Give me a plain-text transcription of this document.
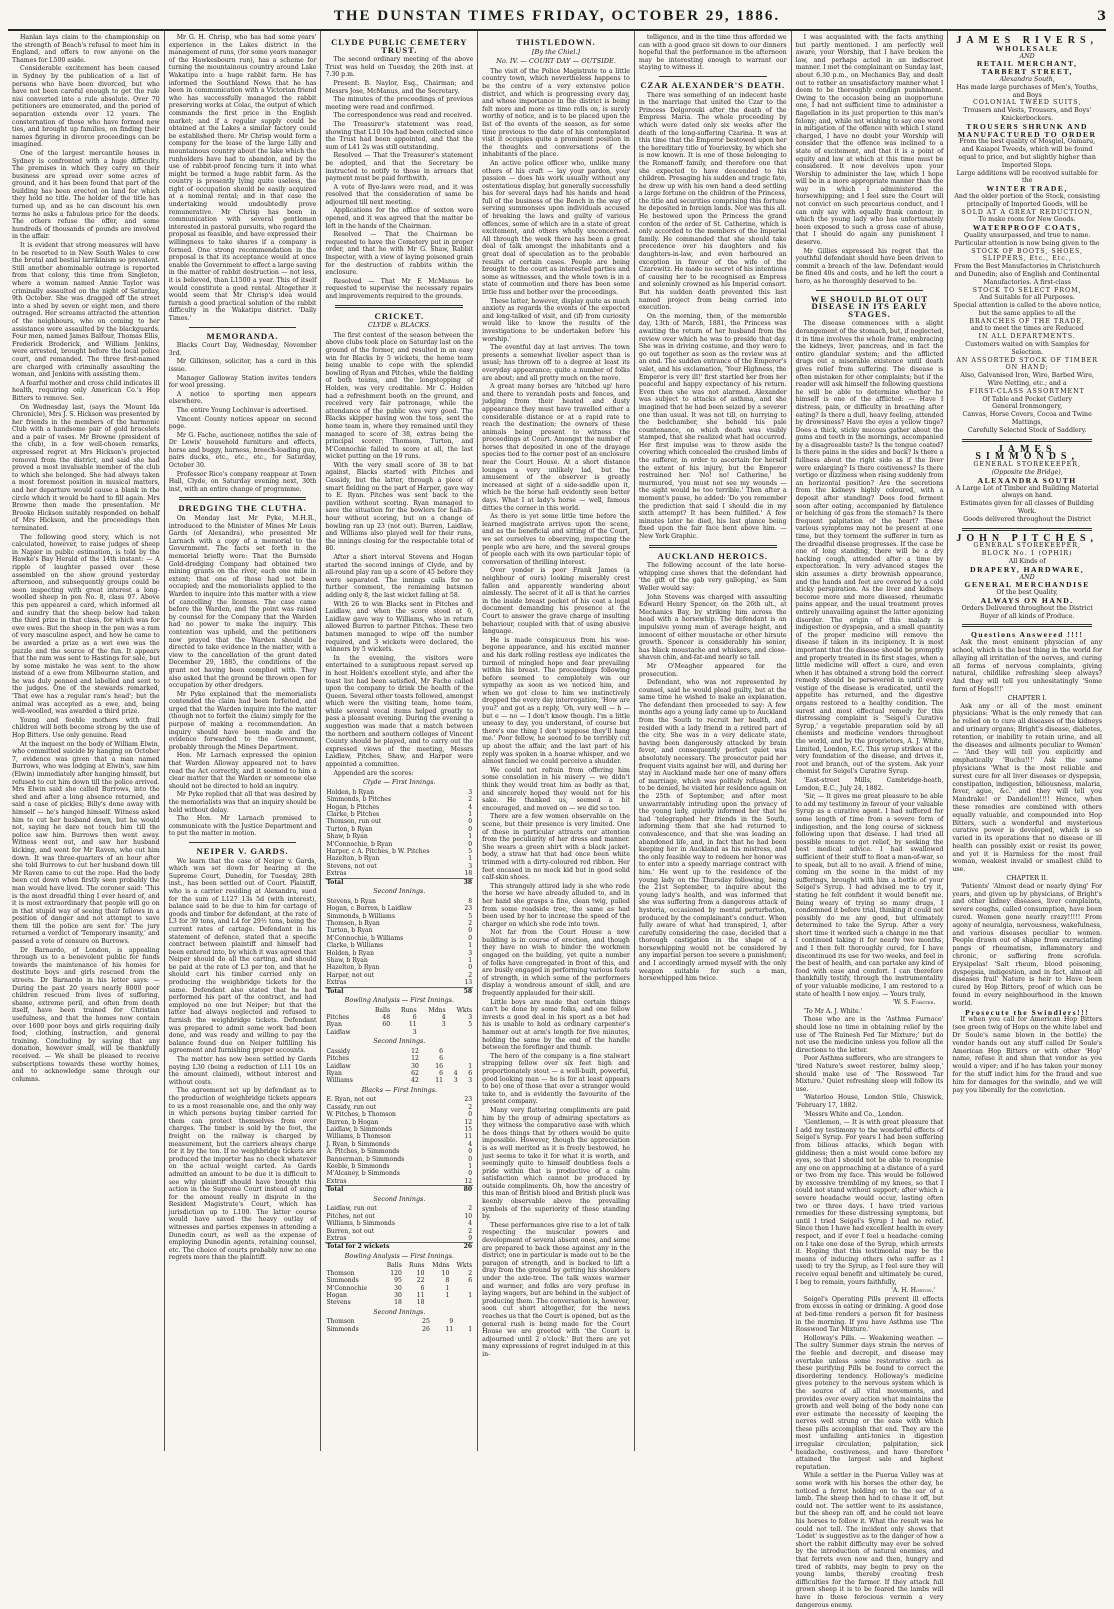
THE DUNSTAN TIMES FRIDAY, OCTOBER 29, 1886.	3

Hanlan lays claim to the championship on the strength of Beach's refusal to meet him in England, and offers to row anyone on the Thames for L500 aside.

Considerable excitement has been caused in Sydney by the publication of a list of persons who have been divorced, but who have not been careful enough to get the rule nisi converted into a rule absolute. Over 70 petitioners are enumerated, and the period of separation extends over 12 years. The consternation of those who have formed new ties, and brought up families, on finding their names figuring in divorce proceedings can be imagined.

One of the largest mercantile houses in Sydney is confronted with a huge difficulty. The premises in which they carry on their business are spread over some acres of ground, and it has been found that part of the building has been erected on land for which they hold no title. The holder of the title has turned up, and as he can discount his own terms he asks a fabulous price for the deeds. The others refuse the offer, and some hundreds of thousands of pounds are involved in the affair.

It is evident that strong measures will have to be resorted to in New South Wales to cow the brutal and bestial larrikinism so prevalent. Still another abominable outrage is reported from that colony, this time from Singleton, where a woman named Annie Taylor was criminally assaulted on the night of Saturday, 9th October. She was dragged off the street into a shed by seven or eight men, and there outraged. Her screams attracted the attention of the neighbours, who on coming to her assistance were assaulted by the blackguards. Four men, named James Balfour, Thomas Ellis, Frederick Broderick, and William Jenkins, were arrested, brought before the local police court, and remanded. The three first-named are charged with criminally assaulting the woman, and Jenkins with assisting them.

A fearful mother and cross child indicates ill health, requiring only American Co.'s Hop Bitters to remove. See.

On Wednesday last, (says the 'Mount Ida Chronicle), Mrs J. S. Hickson was presented by her friends in the members of the harmonic Club with a handsome pair of gold bracelets and a pair of vases. Mr Browne (president of the club), in a few well-chosen remarks, expressed regret at Mrs Hickson's projected removal from the district, and said she had proved a most invaluable member of the club to which she belonged. She had always taken a most foremost position in musical matters, and her departure would cause a blank in the circle which it would be hard to fill again. Mrs Browne then made the presentation. Mr Brooke Hickson suitably responded on behalf of Mrs Hickson, and the proceedings then terminated.

The following good story, which is not calculated, however, to raise judges of sheep in Napier in public estimation, is told by the Hawke's Bay Herald of the 14th instant: — A ripple of laughter passed over those assembled on the show ground yesterday afternoon, and subsequently groups could be seen inspecting with great interest a long-woolled sheep in pen No. 8, class 97. Above this pen appeared a card, which informed all and sundry that the sheep below had taken the third prize in that class, for which was for ewe ewes. But the sheep in the pen was a ram of very masculine aspect, and how he came to be awarded a prize as a wet ewe was the puzzle and the source of the fun. It appears that the ram was sent to Hastings for sale, but by some mistake he was sent to the show instead of a ewe from Milbourne station, and he was duly penned and labelled and sent to the judges. One of the stewards remarked, 'That ewe has a regular ram's head'; but the animal was accepted as a ewe, and, being well-woolled, was awarded a third prize.

Young and feeble mothers with frail children will both become strong by the use of Hop Bitters. Use only genuine. Read

At the inquest on the body of William Elwin, who committed suicide by hanging on October 7, evidence was given that a man named Burrows, who was lodging at Elwin's, saw him (Elwin) immediately after hanging himself, but refused to cut him down till the police arrived. Mrs Elwin said she called Burrows, into the shed and after a long absence returned, and said a case of pickles; Billy's done away with himself — he's hanged himself. Witness asked him to cut her husband down, but he would not, saying he dare not touch him till the police saw him. Burrows then went away. Witness went out, and saw her husband kicking, and went for Mr Raven, who cut him down. It was three-quarters of an hour after she told Burrows to cut her husband down till Mr Raven came to cut the rope. Had the body been cut down when firstly seen probably the man would have lived. The coroner said: 'This is the most dreadful thing I ever heard of, and it is most extraordinary that people will go on in that stupid way of seeing their fellows in a position of danger and not attempt to save them till the police are sent for.' The jury returned a verdict of 'Temporary insanity,' and passed a vote of censure on Burrows.

Dr Barnardo, of London, is appealing through us to a benevolent public for funds towards the maintenance of his homes for destitute boys and girls rescued from the streets. Dr Barnardo in his letter says: — During the past 20 years nearly 8000 poor children rescued from lives of suffering, shame, extreme peril, and often from death itself, have been trained for Christian usefulness, and that the homes now contain over 1600 poor boys and girls requiring daily food, clothing, instruction, and general training. Concluding by saying that any donation, however small, will be thankfully received. — We shall be pleased to receive subscriptions towards these worthy homes, and to acknowledge same through our columns.

Mr G. H. Chrisp, who has had some years' experience in the Lakes district in the management of runs, (for some years manager of the Hawkesbourn run), has a scheme for turning the mountainous country around Lake Wakatipu into a huge rabbit farm. He has informed the Southland News that he has been in communication with a Victorian friend who has successfully managed the rabbit preserving works at Colac, the output of which commands the first price in the English market; and if a regular supply could be obtained at the Lakes a similar factory could be established there. Mr Chrisp would form a company for the lease of the large Lilly and mountainous country about the lake which the runholders have had to abandon, and by the use of rabbit-proof fencing turn it into what might be termed a huge rabbit farm. As the country is presently lying quite useless, the right of occupation should be easily acquired at a nominal rental; and in that case the undertaking would undoubtedly prove remunerative. Mr Chrisp has been in communication with several gentlemen interested in pastoral pursuits, who regard the proposal as feasible, and have expressed their willingness to take shares if a company is formed. One strong recommendation in the proposal is that its acceptance would at once enable the Government to effect a large saving in the matter of rabbit destruction — not less, it is believed, than L1500 a year. This of itself would constitute a good rental. Altogether it would seem that Mr Chrisp's idea would furnish a good practical solution of the rabbit difficulty in the Wakatipu district. 'Daily Times.'

MEMORANDA.

Blacks Court Day, Wednesday, November 3rd.

Mr Gilkinson, solicitor, has a card in this issue.

Manager Galloway Station invites tenders for wool pressing.

A notice to sporting men appears elsewhere.

The entire Young Lochinvar is advertised.

Vincent County notices appear on second page.

Mr G. Fache, auctioneer, notifies the sale of Dr Lewis' household furniture and effects, horse and buggy, harness, breech-loading gun, pairs ducks, etc., etc., etc., for Saturday, October 30.

Professor Rice's company reappear at Town Hall, Clyde, on Saturday evening next, 30th inst, with an entire change of programme.

DREDGING THE CLUTHA.

On Monday last Mr Pyke, M.H.R., introduced to the Minister of Mines Mr Louis Gards (of Alexandra), who presented Mr Larnach with a copy of a memorial to the Government. The facts set forth in the memorial briefly were: That the Burnside Gold-dredging Company had obtained two mining grants on the river, each one mile in extent; that one of those had not been occupied; and the memorialists applied to the Warden to inquire into this matter with a view of cancelling the licenses. The case came before the Warden, and the point was raised by counsel for the Company that the Warden had no power to make the inquiry. This contention was upheld, and the petitioners now prayed that the Warden should be directed to take evidence in the matter, with a view to the cancellation of the grant dated December 29, 1885, the conditions of the grant not having been complied with. They also asked that the ground be thrown open for occupation by other dredgers.

Mr Pyke explained that the memorialists contended the claim had been forfeited, and urged that the Warden inquire into the matter (though not to forfeit the claim) simply for the purpose of making a recommendation. An inquiry should have been made and the evidence forwarded to the Government, probably through the Mines Department.

Hon. Mr Larnach expressed the opinion that Warden Alloway appeared not to have read the Act correctly, and it seemed to him a clear matter that the Warden or someone else should not be directed to hold an inquiry.

Mr Pyke replied that all that was desired by the memorialists was that an inquiry should be held without delay.

The Hon. Mr Larnach promised to communicate with the Justice Department and to put the matter in motion.

NEIPER V. GARDS.

We learn that the case of Neiper v. Gards, which was set down for hearing at the Supreme Court, Dunedin, for Tuesday, 28th inst., has been settled out of Court. Plaintiff, who is a carrier residing at Alexandra, sued for the sum of L127 13s 5d (with interest), balance said to be due to him for cartage of goods and timber for defendant, at the rate of L3 for 39 tons, and L4 for 29½ tons, being the current rates of cartage. Defendant in his statement of defence, stated that a specific contract between plaintiff and himself had been entered into, by which it was agreed that Neiper should do all the carting, and should be paid at the rate of L3 per ton, and that he should cart his timber carried only on producing the weighbridge tickets for the same. Defendant also stated that he had performed his part of the contract, and had employed no one but Neiper; but that the latter had always neglected and refused to furnish the weighbridge tickets. Defendant was prepared to admit some work had been done, and was ready and willing to pay the balance found due on Neiper fulfilling his agreement and furnishing proper accounts.

The matter has now been settled by Gards paying L30 (being a reduction of L11 10s on the amount claimed), without interest and without costs.

The agreement set up by defendant as to the production of weighbridge tickets appears to us a most reasonable one, and the only way in which persons buying timber carried for them can protect themselves from over charges. The timber is sold by the foot, the freight on the railway is charged by measurement, but the carriers always charge for it by the ton. If no weighbridge tickets are produced the importer has no check whatever on the actual weight carted. As Gards admitted an amount to be due it is difficult to see why plaintiff should have brought this action in the Supreme Court instead of suing for the amount really in dispute in the Resident Magistrate's Court, which has jurisdiction up to L100. The latter course would have saved the heavy outlay of witnesses and parties expenses in attending a Dunedin court, as well as the expense of employing Dunedin agents, retaining counsel, etc. The choice of courts probably now no one regrets more than the plaintiff.

CLYDE PUBLIC CEMETERY TRUST.

The second ordinary meeting of the above Trust was held on Tuesday, the 26th inst. at 7.30 p.m.

Present: B. Naylor, Esq., Chairman; and Messrs Jose, McManus, and the Secretary.

The minutes of the proceedings of previous meeting were read and confirmed.

The correspondence was read and received.

The Treasurer's statement was read, showing that L10 10s had been collected since the Trust had been appointed, and that the sum of L41 2s was still outstanding.

Resolved — That the Treasurer's statement be adopted, and that the Secretary be instructed to notify to those in arrears that payment must be paid forthwith.

A vote of Bye-laws were read, and it was resolved that the consideration of same be adjourned till next meeting.

Applications for the office of sexton were opened, and it was agreed that the matter be left in the hands of the Chairman.

Resolved — That the Chairman be requested to have the Cemetery put in proper order, and that he with Mr G. Shaw, Rabbit Inspector, with a view of laying poisoned grain for the destruction of rabbits within the enclosure.

Resolved — That Mr E McManus be requested to supervise the necessary repairs and improvements required to the grounds.

CRICKET.
CLYDE v. BLACKS.

The first contest of the season between the above clubs took place on Saturday last on the ground of the former, and resulted in an easy win for Blacks by 5 wickets, the home team being unable to cope with the splendid bowling of Ryan and Pitches, while the fielding of both teams, and the longstopping of Holden, was very creditable. Mr C. Holden had a refreshment booth on the ground, and received very fair patronage, while the attendance of the public was very good. The Blacks skipper having won the toss, sent the home team in, where they remained until they managed to score of 38, extras being the principal scorer; Thomson, Turton, and M'Connochie failed to score at all, the last wicket putting on the 19 runs.

With the very small score of 38 to bat against, Blacks started with Pitches and Cassidy, but the latter, through a piece of smart fielding on the part of Harper, gave way to E. Ryan. Pitches was sent back to the pavilion without scoring. Ryan managed to save the situation for the bowlers for half-an-hour without scoring, but on a change of bowling ran up 23 (not out). Burren, Laidlaw, and Williams also played well for their runs, the innings closing for the respectable total of 80.

After a short interval Stevens and Hogan started the second innings of Clyde, and by all-round play ran up a score of 45 before they were separated. The innings calls for no further comment, the remaining batsmen adding only 8, the last wicket falling at 58.

With 26 to win Blacks sent in Pitches and Laidlaw, and when the score stood at 6, Laidlaw gave way to Williams, who in return allowed Burren to partner Pitches. These two batsmen managed to wipe off the number required, and 3 wickets were declared, the winners by 5 wickets.

In the evening, the visitors were entertained to a sumptuous repast served up in host Holden's excellent style, and after the toast list had been satisfied, Mr Fache called upon the company to drink the health of the Queen. Several other toasts followed, amongst which were the visiting team, home team, while several vocal items helped greatly to pass a pleasant evening. During the evening a suggestion was made that a match between the northern and southern colleges of Vincent County should be played, and to carry out the expressed views of the meeting, Messrs Laidlaw, Pitches, Shaw, and Harper were appointed a committee.

Appended are the scores:

Clyde — First Innings.
Holden, b Ryan	3
Simmonds, b Pitches	2
Hogan, b Pitches	4
Clarke, b Pitches	1
Thomson, run out	0
Turton, b Ryan	0
Shaw, b Ryan	1
M'Connochie, b Ryan	0
Harper, c A. Pitches, b W. Pitches	5
Hazelton, b Ryan	1
Stevens, not out	3
Extras	18
Total	38
Second Innings.
Stevens, b Ryan	8
Hogan, c Burren, b Laidlaw	23
Simmonds, b Williams	5
Thomson, b Ryan	2
Turton, b Ryan	0
M'Connochie, b Williams	0
Clarke, b Williams	1
Holden, b Ryan	3
Shaw, b Ryan	1
Hazelton, b Ryan	0
Harper, not out	2
Extras	13
Total	58
Bowling Analysis — First Innings.
	Balls	Runs	Mdns	Wkts
Pitches	48	6	4	3
Ryan	60	11	3	5
Laidlaw		3		
Second Innings.
Cassidy	12	6		
Pitches	12	6		
Laidlaw	30	16		1
Ryan	62	6	4	6
Williams	42	11	3	3
Blacks — First Innings.
E. Ryan, not out	23
Cassidy, run out	2
W. Pitches, b Thomson	0
Burren, b Hogan	12
Laidlaw, b Simmonds	15
Williams, b Thomson	11
J. Ryan, b Simmonds	4
A. Pitches, b Simmonds	0
Bannerman, b Simmonds	0
Keeble, b Simmonds	1
M'Alcaney, b Simmonds	0
Extras	12
Total	80
Second Innings.
Laidlaw, run out	2
Pitches, not out	10
Williams, b Simmonds	4
Burren, not out	2
Extras	9
Total for 2 wickets	26
Bowling Analysis — First Innings.
	Balls	Runs	Mdns	Wkts
Thomson	120	10	10	2
Simmonds	95	22	8	6
M'Connochie	30	6	1	
Hogan	30	11	1	1
Stevens	18	18		
Second Innings.
Thomson	25	9		
Simmonds	26	11		1
THISTLEDOWN.
[By the Chiel.]
No. IV. — COURT DAY — OUTSIDE.

The visit of the Police Magistrate to a little country town, which nevertheless happens to be the centre of a very extensive police district, and which is progressing every day, and whose importance in the district is being felt more and more as time rolls on, is surely worthy of notice, and is to be placed upon the list of the events of the season, as for some time previous to the date of his contemplated visit it occupies quite a prominent position in the thoughts and conversations of the inhabitants of the place.

An active police officer who, unlike many others of his craft — lay your pardon, your passion — does his work usually without any ostentatious display, but generally successfully has for several days had his hands and head full of the business of the Bench in the way of serving summonses upon individuals accused of breaking the laws and guilty of various offences, some of which are in a state of great excitement, and others wholly unconcerned. All through the week there has been a great deal of talk amongst the inhabitants and a great deal of speculation as to the probable results of certain cases. People are being brought to the court as interested parties and some as witnesses, and the whole town is in a state of commotion and there has been some little fuss and bother over the proceedings.

These latter, however, display quite as much anxiety as regards the events of the expected and long-talked of visit, and (if) from curiosity would like to know the results of the investigations to be undertaken before 'his worship.'

The eventful day at last arrives. The town presents a somewhat livelier aspect than is usual; has thrown off to a degree at least its everyday appearance; quite a number of folks are about; and all pretty much on the move.

A great many horses are 'hitched up' here and there to verandah posts and fences, and judging from their heated and dusty appearance they must have travelled either a considerable distance or at a rapid rate to reach the destination; the owners of these animals being present to witness the proceedings at Court. Amongst the number of horses that deposited in one of the drayage species tied to the corner post of an enclosure near the Court House. At a short distance lounges a very unlikely lad, but the amusement of the observer is greatly increased at sight of a side-saddle upon it, which he the horse hall evidently seen better days. What I at lady's horse — well, famous ditties the corner in this world.

As there is yet some little time before the learned magistrate arrives upon the scene, and as the beneficial and sitting of the Court, we set ourselves to observing, inspecting the people who are here, and the several groups of people each with its own particular topic of conversation of thrilling interest.

Over yonder is poor Frank James (a neighbour of ours) looking miserably crest fallen and apparently wandering about aimlessly. The secret of it all is that he carries in the inside breast pocket of his coat a legal document demanding his presence at the Court to answer the grave charge of insulting behaviour, coupled with that of using abusive language.

He is made conspicuous from his woe-begone appearance, and his excited manner and his dark rolling restless eye indicates the turmoil of mingled hope and fear prevailing within his breast. The proceedings following before seemed to completely win our sympathy as soon as we noticed him, and when we got close to him we instinctively dropped the every day interrogation, 'How are you?' and got as a reply, 'Oh, very well — h — but e — no — I don't know though. I'm a little uneasy to day, you understand, of course but there's one thing I don't suppose they'll hang me.' Poor fellow, he seemed to be terribly cut up about the affair, and the last part of his reply was spoken in a hoarse whisper, and we almost fancied we could perceive a shudder.

We could not refrain from offering him some consolation in his misery — we didn't think they would treat him as badly as that, and sincerely hoped they would not for his sake. He thanked us, seemed a bit encouraged, and moved on — we did so too.

There are a few women observable on the scene, but their presence is very limited. One of these in particular attracts our attention from the peculiarity of her dress and manner. She wears a green shirt with a black jacket-body, a straw hat that had once been white trimmed with a dirty-coloured red ribbon. Her feet encased in no mock kid but in good solid calf-skin shoes.

This strangely attired lady is she who rode the horse we have already alluded to, and in her hand she grasps a fine, clean twig, pulled from some roadside tree, the same as had been used by her to increase the speed of the charger on which she rode into town.

Not far from the Court House a new building is in course of erection, and though they have no wish to hinder the workmen engaged on the building, yet quite a number of folks have congregated in front of this, and are busily engaged in performing various feats of strength, in which some of the performers display a wondrous amount of skill, and are frequently applauded for their skill.

Little boys are made that certain things can't be done by some folks, and one fellow invests a good deal in his sport as a bet had his is unable to hold as ordinary carpenter's hammer out at arm's length for five minutes, holding the same by the end of the handle between the forefinger and thumb.

The hero of the company is a fine stalwart strapping fellow over six feet high and proportionately stout — a well-built, powerful, good looking man — he is for at least appears to be) one of those that over a stranger would take to, and is evidently the favourite of the present company.

Many very flattering compliments are paid him by the group of admiring spectators as they witness the comparative ease with which he does things that by others would be quite impossible. However, though the appreciation is as well merited as it is freely bestowed, he just seems to take it for what it is worth, and seemingly quite to himself doubtless feels a pride within that is productive of a calm satisfaction which cannot be produced by outside compliments. Oh, how the ancestry of this man of British blood and British pluck was keenly observable above the prevailing symbols of the superiority of these standing by.

These performances give rise to a lot of talk respecting the muscular powers and development of several absent ones, and some are prepared to back those against any in the district; one in particular is made out to be the paragon of strength, and is backed to lift a dray from the ground by getting his shoulders under the axle-tree. The talk waxes warmer and warmer, and folks are very profuse in laying wagers, but are behind in the subject of producing them. The conversation is, however, soon cut short altogether, for the news reaches us that the Court is opened, but as the general rush is being made for the Court House we are greeted with 'the Court is adjourned until 2 o'clock.' But there are yet many expressions of regret indulged in at this in-

telligence, and in the time thus afforded we can with a good grace sit down to our dinners hopeful that the performance in the afternoon may be interesting enough to warrant our staying to witness it.

CZAR ALEXANDER'S DEATH.

There was something of an indecent haste in the marriage that united the Czar to the Princess Dolgorouki after the death of the Empress Maria. The whole proceeding by which were dated only six weeks after the death of the long-suffering Czarina. It was at this time that the Emperor bestowed upon her the hereditary title of Yourievsky, by which she is now known. It is one of those belonging to the Romanoff family, and therefore one that she expected to have descended to his children. Presaging his sudden and tragic fate, he drew up with his own hand a deed settling a large fortune on the children of the Princess, the title and securities comprising this fortune he deposited in foreign lands. Nor was this all. He bestowed upon the Princess the grand cordon of the order of St. Catherine, which is only accorded to the members of the Imperial family. He commanded that she should take precedence over his daughters and his daughters-in-law, and even harboured an exception in favour of the wife of the Czarewitz. He made no secret of his intentions of causing her to be recognised as Empress and solemnly crowned as his Imperial consort. But his sudden death prevented this last named project from being carried into execution.

On the morning, then, of the memorable day, 13th of March, 1881, the Princess was awaiting the return of her husband from the review over which he was to preside that day. She was in driving costume, and they were to go out together as soon as the review was at an end. The sudden entrance of the Emperor's valet, and his exclamation, 'Your Highness, the Emperor is very ill!' first startled her from her peaceful and happy expectancy of his return. Even then she was not alarmed. Alexander was subject to attacks of asthma, and she imagined that he had been seized by a severer one than usual. It was not till, on hurrying to the bedchamber, she beheld his pale countenance, on which death was visibly stamped, that she realized what had occurred. Her first impulse was to throw aside the covering which concealed the crushed limbs of the sufferer, in order to ascertain for herself the extent of his injury, but the Emperor restrained her. 'No! no! Catherine,' he murmured, 'you must not see my wounds — the sight would be too terrible.' Then after a moment's pause, he added: 'Do you remember the prediction that said I should die in my sixth attempt? It has been fulfilled.' A few minutes later he died, his last glance being fixed upon the fair face bent above him. — New York Graphic.

AUCKLAND HEROICS.

The following account of the late horse-whipping case shows that the defendant had 'the gift of the gab very galloping,' as Sam Weller would say:

John Stevens was charged with assaulting Edward Henry Spencer, on the 26th ult., at Mechanics Bay, by striking him across the head with a horsewhip. The defendant is an impulsive young man of average height, and innocent of either moustache or other hirsute growth. Spencer is considerably his senior, has black moustache and whiskers, and close-shaven chin, and-fat-and nearly so tall.

Mr O'Meagher appeared for the prosecution.

Defendant, who was not represented by counsel, said he would plead guilty, but at the same time he wished to make an explanation. The defendant then proceeded to say: A few months ago a young lady came up to Auckland from the South to recruit her health, and resided with a lady friend in a retired part of the city. She was in a very delicate state, having been dangerously attacked by brain fever, and consequently perfect quiet was absolutely necessary. The prosecutor paid her frequent visits against her will, and during her stay in Auckland made her one of many offers of marriage, which was politely refused. Not to be denied, he visited her residence again on the 25th of September, and after most unwarrantably intruding upon the privacy of the young lady, quietly informed her that he had 'telegraphed her friends in the South, informing them that she had returned to convalescence, and that she was leading an abandoned life, and, in fact that he had been keeping her in Auckland as his mistress, and the only feasible way to redeem her honor was to enter into a speedy marriage contract with him.' He went up to the residence of the young lady on the Thursday following, being the 21st September, to inquire about the young lady's health, and was informed that she was suffering from a dangerous attack of hysteria, occasioned by mental perturbation, produced by the complainant's conduct. When fully aware of what had transpired, I, after carefully considering the case, decided that a thorough castigation in the shape of a horsewhipping would not be considered by any impartial person too severe a punishment; and I accordingly armed myself with the only weapon suitable for such a man, horsewhipped him twice.

I was acquainted with the facts anything but partly mentioned. I am perfectly well aware, your Worship, that I have broken the law, and perhaps acted in an indiscreet manner. I met the complainant on Sunday last, about 6.30 p.m., on Mechanics Bay, and dealt out to rather an unsatisfactory manner what I deem to be thoroughly condign punishment. Owing to the occasion being an inopportune one, I had not sufficient time to administer a flagellation in its just proportion to this man's felony; and, while not wishing to say one word in mitigation of the offence with which I stand charged, I have no doubt your Worship will consider that the offence was inclined to a state of excitement, and that it is a point of equity and law at which at this time must be considered. It now devolves upon your Worship to administer the law, which I hope will be in a more appropriate manner than the way in which I administered the horsewhipping; and I feel sure the Court will not convict on such precarious conduct, and I can only say with equally frank candour, in which the young lady who has unfortunately been exposed to such a gross case of abuse, that I should do again any punishment I deserve.

Mr Gillies expressed his regret that the youthful defendant should have been driven to commit a breach of the law. Defendant would be fined 40s and costs, and he left the court a hero, as he thoroughly deserved to be.

WE SHOULD BLOT OUT DISEASE IN ITS EARLY STAGES.

The disease commences with a slight derangement of the stomach, but, if neglected, it in time involves the whole frame, embracing the kidneys, liver, pancreas, and in fact the entire glandular system; and the afflicted drags out a miserable existence until death gives relief from suffering. The disease is often mistaken for other complaints; but if the reader will ask himself the following questions he will be able to determine whether he himself is one of the afflicted: — Have I distress, pain, or difficulty in breathing after eating? Is there a dull, heavy feeling, attended by drowsiness? Have the eyes a yellow tinge? Does a thick, sticky mucous gather about the gums and teeth in the mornings, accompanied by a disagreeable taste? Is the tongue coated? Is there pains in the sides and back? Is there a fullness about the right side as if the liver were enlarging? Is there costiveness? Is there vertigo or dizziness when rising suddenly from an horizontal position? Are the secretions from the kidneys highly coloured, with a deposit after standing? Does food ferment soon after eating, accompanied by flatulence or belching of gas from the stomach? Is there frequent palpitation of the heart? These various symptoms may not be present at one time, but they torment the sufferer in turn as the dreadful disease progresses. If the case be one of long standing, there will be a dry hacking cough, attended after a time by expectoration. In very advanced stages the skin assumes a dirty brownish appearance, and the hands and feet are covered by a cold sticky perspiration. As the liver and kidneys become more and more diseased, rheumatic pains appear, and the usual treatment proves entirely unavailing against the latter agonizing disorder. The origin of this malady is indigestion or dyspepsia, and a small quantity of the proper medicine will remove the disease if taken in its incipiency. It is most important that the disease should be promptly and properly treated in its first stages, when a little medicine will effect a cure, and even when it has obtained a strong hold the correct remedy should be persevered in until every vestige of the disease is eradicated, until the appetite has returned, and the digestive organs restored to a healthy condition. The surest and most effectual remedy for this distressing complaint is 'Seigel's Curative Syrup,' a vegetable preparation sold by all chemists and medicine vendors throughout the world, and by the proprietors, A. J. White, Limited, London, E.C. This syrup strikes at the very foundation of the disease, and drives it, root and branch, out of the system. Ask your chemist for Seigel's Curative Syrup.

'East-street Mills, Cambridge-heath, London, E.C., July 24, 1882.

'Sir, — It gives me great pleasure to be able to add my testimony in favour of your valuable Syrup as a curative agent. I had suffered for some length of time from a severe form of indigestion, and the long course of sickness following upon that disease. I had tried all possible means to get relief, by seeking the best medical advice. I had swallowed sufficient of their stuff to float a man-of-war, so to speak, but all to no avail. A friend of mine, coming on the scene in the midst of my sufferings, brought with him a bottle of your Seigel's Syrup. I had advised me to try it, stating he felt confident it would benefit me. Being weary of trying so many drugs, I condemned it before trial, thinking it could not possibly do me any good, but ultimately determined to take the Syrup. After a very short time it worked such a change in me that I continued taking it for nearly two months, and I then felt thoroughly cured, for I have discontinued its use for two weeks, and feel in the best of health, and can partake any kind of food with ease and comfort. I can therefore thankfully testify, through the instrumentality of your valuable medicine, I am restored to a state of health I now enjoy. — Yours truly,

'W. S. Forster.

'To Mr A. J. White.'

Those who are in the 'Asthma Furnace' should lose no time in obtaining relief by the use of 'The Ruinesh Fed Tar Mixture;' but do not use the medicine unless you follow all the directions to the letter.

Poor Asthma sufferers, who are strangers to 'tired Nature's sweet restorer, balmy sleep,' should make use of 'The Rosswood Tar Mixture.' Quiet refreshing sleep will follow its use.

'Waterloo House, London Stile, Chiswick, 'February 17, 1882.

'Messrs White and Co., London.

'Gentlemen, — It is with great pleasure that I add my testimony to the wonderful effects of Seigel's Syrup. For years I had been suffering from bilious attacks, which began with giddiness; then a mist would come before my eyes, so that I should not be able to recognise any one on approaching at a distance of a yard or two from my face. This would be followed by excessive trembling of my knees, so that I could not stand without support; after which a severe headache would occur, lasting often two or three days. I have tried various remedies for these distressing symptoms, but until I tried Seigel's Syrup I had no relief. Since then I have had excellent health in every respect, and if ever I feel a headache coming on I take one dose of the Syrup, which arrests it. Hoping that this testimonial may be the means of inducing others (who suffer as I used) to try the Syrup, as I feel sure they will receive equal benefit and ultimately be cured, I beg to remain, yours faithfully,

'A. H. Horton.'

Seigel's Operating Pills prevent ill effects from excess in eating or drinking. A good dose at bed-time renders a person fit for business in the morning. If you have Asthma use 'The Rosswood Tar Mixture.'

Holloway's Pills. — Weakening weather. — The sultry Summer days strain the nerves of the feeble and decrepit, and disease may overtake unless some restorative such as these purifying Pills be found to correct the disordering tendency. Holloway's medicine gives potency to the nervous system which is the source of all vital movements, and provides over every action what maintains the growth and well being of the body none can ever estimate the necessity of keeping the nerves well strung or the ease with which these pills accomplish that end. They are the most unfailing anti-tonics in digestion irregular circulation, palpitation, sick headache, costiveness, and have therefore attained the largest sale and highest reputation.

While a settler in the Puerua Valley was at some work with his horses the other day, he noticed a ferret holding on to the ear of a lamb. The sheep then had to chase it off, but could not. The settler went to its assistance, but the sheep ran off, and he could not leave his horses to follow it. What the result was he could not tell. The incident only shows that 'Lodet' is suggestive as to the danger of how a short the rabbit difficulty may ever be solved by the introduction of natural enemies, and that ferrets even now and then, hungry and tired of rabbits, may begin to prey on the young lambs, thereby creating fresh difficulties for the farmer. If they attack full grown sheep it is to be feared the lambs will have in these ferocious vermin a very dangerous enemy.

JAMES RIVERS,
WHOLESALE
AND
RETAIL MERCHANT,
TARBERT STREET,
Alexandra South,
Has made large purchases of Men's, Youths, and Boys
COLONIAL TWEED SUITS,
Trousers and Vests, Trousers, and Boys' Knickerbockers.
TROUSERS SHRUNK AND MANUFACTURED TO ORDER
From the best quality of Mosgiel, Oamaru, and Kaiapoi Tweeds, which will be found equal to price, and but slightly higher than Imported Slops.
Large additions will be received suitable for the
WINTER TRADE,
And the older portion of the Stock, consisting principally of Imported Goods, will be
SOLD AT A GREAT REDUCTION,
To make room for New Goods.
WATERPROOF COATS,
Quality unsurpassed, and true to name.
Particular attention is now being given to the
STOCK OF BOOTS, SHOES, SLIPPERS, Etc., Etc.,
From the Best Manufactories in Christchurch and Dunedin; also of English and Continental Manufactories. A first-class
STOCK TO SELECT FROM,
And Suitable for all Purposes.
Special attention is called to the above notice, but the same applies to all the
BRANCHES OF THE TRADE,
and to meet the times are Reduced
IN ALL DEPARTMENTS.
Customers waited on with Samples for Selection.
AN ASSORTED STOCK OF TIMBER ON HAND;
Also, Galvanised Iron, Wire, Barbed Wire, Wire Netting, etc.; and a
FIRST-CLASS ASSORTMENT
Of Table and Pocket Cutlery
General Ironmongery,
Canvas, Horse Covers, Cocoa and Twine Mattings,
Carefully Selected Stock of Saddlery.
JAMES SIMMONDS,
GENERAL STOREKEEPER,
(Opposite the Bridge),
ALEXANDRA SOUTH
A Large Lot of Timber and Building Material always on hand.
Estimates given for all classes of Building Work.
Goods delivered throughout the District
JOHN PITCHES,
GENERAL STOREKEEPER,
BLOCK No. 1 (OPHIR)
All Kinds of
DRAPERY, HARDWARE,
AND
GENERAL MERCHANDISE
Of the best Quality,
ALWAYS ON HAND.
Orders Delivered throughout the District
Buyer of all kinds of Produce.
Questions Answered !!!!

Ask the most eminent physician of any school, which is the best thing in the world for allaying all irritation of the nerves, and curing all forms of nervous complaints, giving natural, childlike refreshing sleep always? And they will tell you unhesitatingly 'Some form of Hops!!!'

CHAPTER I.

Ask any or all of the most eminent physicians: 'What is the only remedy that can be relied on to cure all diseases of the kidneys and urinary organs; Bright's disease, diabetes, retention, or inability to retain urine, and all the diseases and ailments peculiar to Women' — 'And they will tell you explicitly and emphatically 'Buchu!!!' Ask the same physicians 'What is the most reliable and surest cure for all liver diseases or dyspepsia, constipation, indigestion, biliousness, malaria, fever, ague, &c.' and they will tell you Mandrake! or Dandelion!!!! Hence, when these remedies are combined with others equally valuable, and compounded into Hop Bitters, such a wonderful and mysterious curative power is developed, which is so varied in its operations that no disease or ill health can possibly exist or resist its power, and yet it is Harmless for the most frail woman, weakest invalid or smallest child to use.

CHAPTER II.

'Patients' 'Almost dead or nearly dying' For years, and given up by physicians, of Bright's and other kidney diseases, liver complaints, severe coughs, called consumption, have been cured. Women gone nearly crazy!!!!! From agony of neuralgia, nervousness, wakefulness, and various diseases peculiar to women. People drawn out of shape from excruciating pangs of rheumatism, inflammatory and chronic, or suffering from scrofula. Erysipelas! 'Salt rheum, blood poisoning, dyspepsia, indigestion, and in fact, almost all diseases frail' Nature is heir to Have been cured by Hop Bitters, proof of which can be found in every neighbourhood in the known world.

Prosecute the Swindlers!!!

If when you call for American Hop Bitters (see green twig of Hops on the white label and Dr Soule's name blown in the bottle) the vendor hands out any stuff called Dr Soule's American Hop Bitters or with other 'Hop' name, refuse it and shun that vendor as you would a viper; and if he has taken your money for the stuff indict him for the fraud and sue him for damages for the swindle, and we will pay you liberally for the conviction.
